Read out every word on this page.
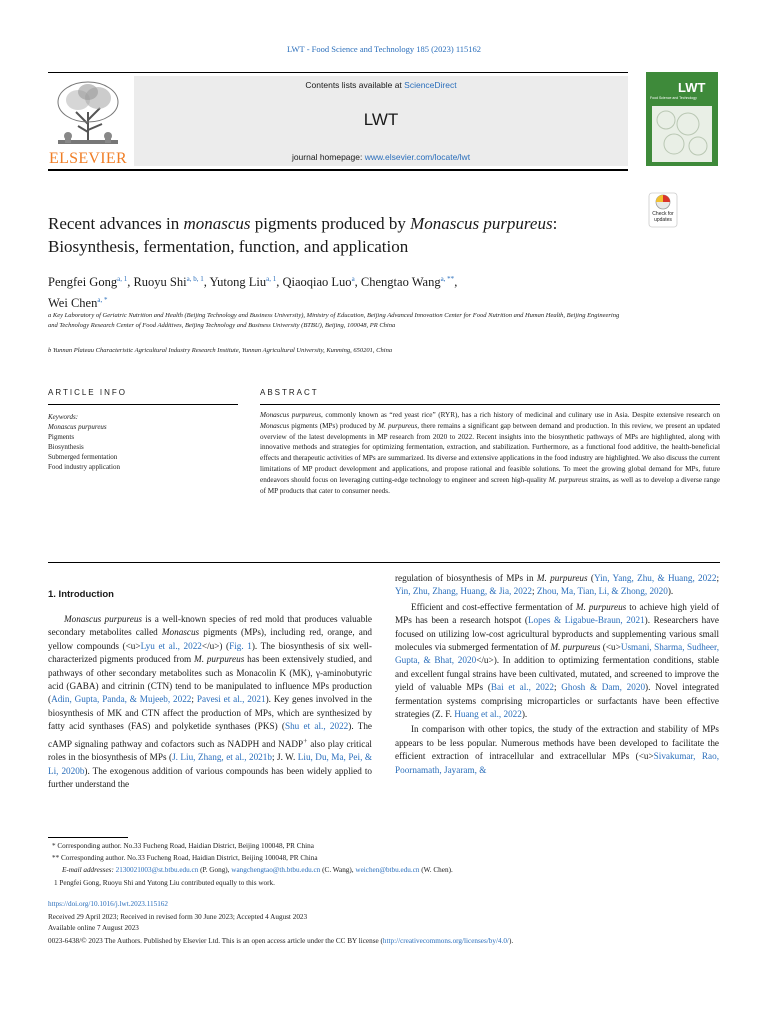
LWT - Food Science and Technology 185 (2023) 115162
ELSEVIER
Contents lists available at ScienceDirect
LWT
journal homepage: www.elsevier.com/locate/lwt
LWT
Food Science and Technology
Check for updates
Recent advances in monascus pigments produced by Monascus purpureus:
Biosynthesis, fermentation, function, and application
Pengfei Gong$^{a, 1}$, Ruoyu Shi$^{a, b, 1}$, Yutong Liu$^{a, 1}$, Qiaoqiao Luo$^a$, Chengtao Wang$^{a, **}$,
Wei Chen$^{a, *}$
a Key Laboratory of Geriatric Nutrition and Health (Beijing Technology and Business University), Ministry of Education, Beijing Advanced Innovation Center for Food Nutrition and Human Health, Beijing Engineering and Technology Research Center of Food Additives, Beijing Technology and Business University (BTBU), Beijing, 100048, PR China
b Yunnan Plateau Characteristic Agricultural Industry Research Institute, Yunnan Agricultural University, Kunming, 650201, China
ARTICLE INFO	ABSTRACT
Keywords:
Monascus purpureus
Pigments
Biosynthesis
Submerged fermentation
Food industry application
Monascus purpureus, commonly known as “red yeast rice” (RYR), has a rich history of medicinal and culinary use in Asia. Despite extensive research on Monascus pigments (MPs) produced by M. purpureus, there remains a significant gap between demand and production. In this review, we present an updated overview of the latest developments in MP research from 2020 to 2022. Recent insights into the biosynthetic pathways of MPs are highlighted, along with innovative methods and strategies for optimizing fermentation, extraction, and stabilization. Furthermore, as a functional food additive, the health-beneficial effects and therapeutic activities of MPs are summarized. Its diverse and extensive applications in the food industry are highlighted. We also discuss the current limitations of MP product development and applications, and propose rational and feasible solutions. To meet the growing global demand for MPs, future endeavors should focus on leveraging cutting-edge technology to engineer and screen high-quality M. purpureus strains, as well as to develop a diverse range of MP products that cater to consumer needs.
1. Introduction

Monascus purpureus is a well-known species of red mold that produces valuable secondary metabolites called Monascus pigments (MPs), including red, orange, and yellow compounds (<u>Lyu et al., 2022</u>) (Fig. 1). The biosynthesis of six well-characterized pigments produced from M. purpureus has been extensively studied, and pathways of other secondary metabolites such as Monacolin K (MK), γ-aminobutyric acid (GABA) and citrinin (CTN) tend to be manipulated to influence MPs production (Adin, Gupta, Panda, & Mujeeb, 2022; Pavesi et al., 2021). Key genes involved in the biosynthesis of MK and CTN affect the production of MPs, which are synthesized by fatty acid synthases (FAS) and polyketide synthases (PKS) (Shu et al., 2022). The cAMP signaling pathway and cofactors such as NADPH and NADP+ also play critical roles in the biosynthesis of MPs (J. Liu, Zhang, et al., 2021b; J. W. Liu, Du, Ma, Pei, & Li, 2020b). The exogenous addition of various compounds has been widely applied to further understand the

regulation of biosynthesis of MPs in M. purpureus (Yin, Yang, Zhu, & Huang, 2022; Yin, Zhu, Zhang, Huang, & Jia, 2022; Zhou, Ma, Tian, Li, & Zhong, 2020).

Efficient and cost-effective fermentation of M. purpureus to achieve high yield of MPs has been a research hotspot (Lopes & Ligabue-Braun, 2021). Researchers have focused on utilizing low-cost agricultural byproducts and supplementing various small molecules via submerged fermentation of M. purpureus (<u>Usmani, Sharma, Sudheer, Gupta, & Bhat, 2020</u>). In addition to optimizing fermentation conditions, stable and excellent fungal strains have been cultivated, mutated, and screened to improve the yield of valuable MPs (Bai et al., 2022; Ghosh & Dam, 2020). Novel integrated fermentation systems comprising microparticles or surfactants have been effective strategies (Z. F. Huang et al., 2022).

In comparison with other topics, the study of the extraction and stability of MPs appears to be less popular. Numerous methods have been developed to facilitate the efficient extraction of intracellular and extracellular MPs (<u>Sivakumar, Rao, Poornamath, Jayaram, &

* Corresponding author. No.33 Fucheng Road, Haidian District, Beijing 100048, PR China
** Corresponding author. No.33 Fucheng Road, Haidian District, Beijing 100048, PR China
E-mail addresses: 2130021003@st.btbu.edu.cn (P. Gong), wangchengtao@th.btbu.edu.cn (C. Wang), weichen@btbu.edu.cn (W. Chen).
1 Pengfei Gong, Ruoyu Shi and Yutong Liu contributed equally to this work.
https://doi.org/10.1016/j.lwt.2023.115162
Received 29 April 2023; Received in revised form 30 June 2023; Accepted 4 August 2023
Available online 7 August 2023
0023-6438/© 2023 The Authors. Published by Elsevier Ltd. This is an open access article under the CC BY license (http://creativecommons.org/licenses/by/4.0/).
